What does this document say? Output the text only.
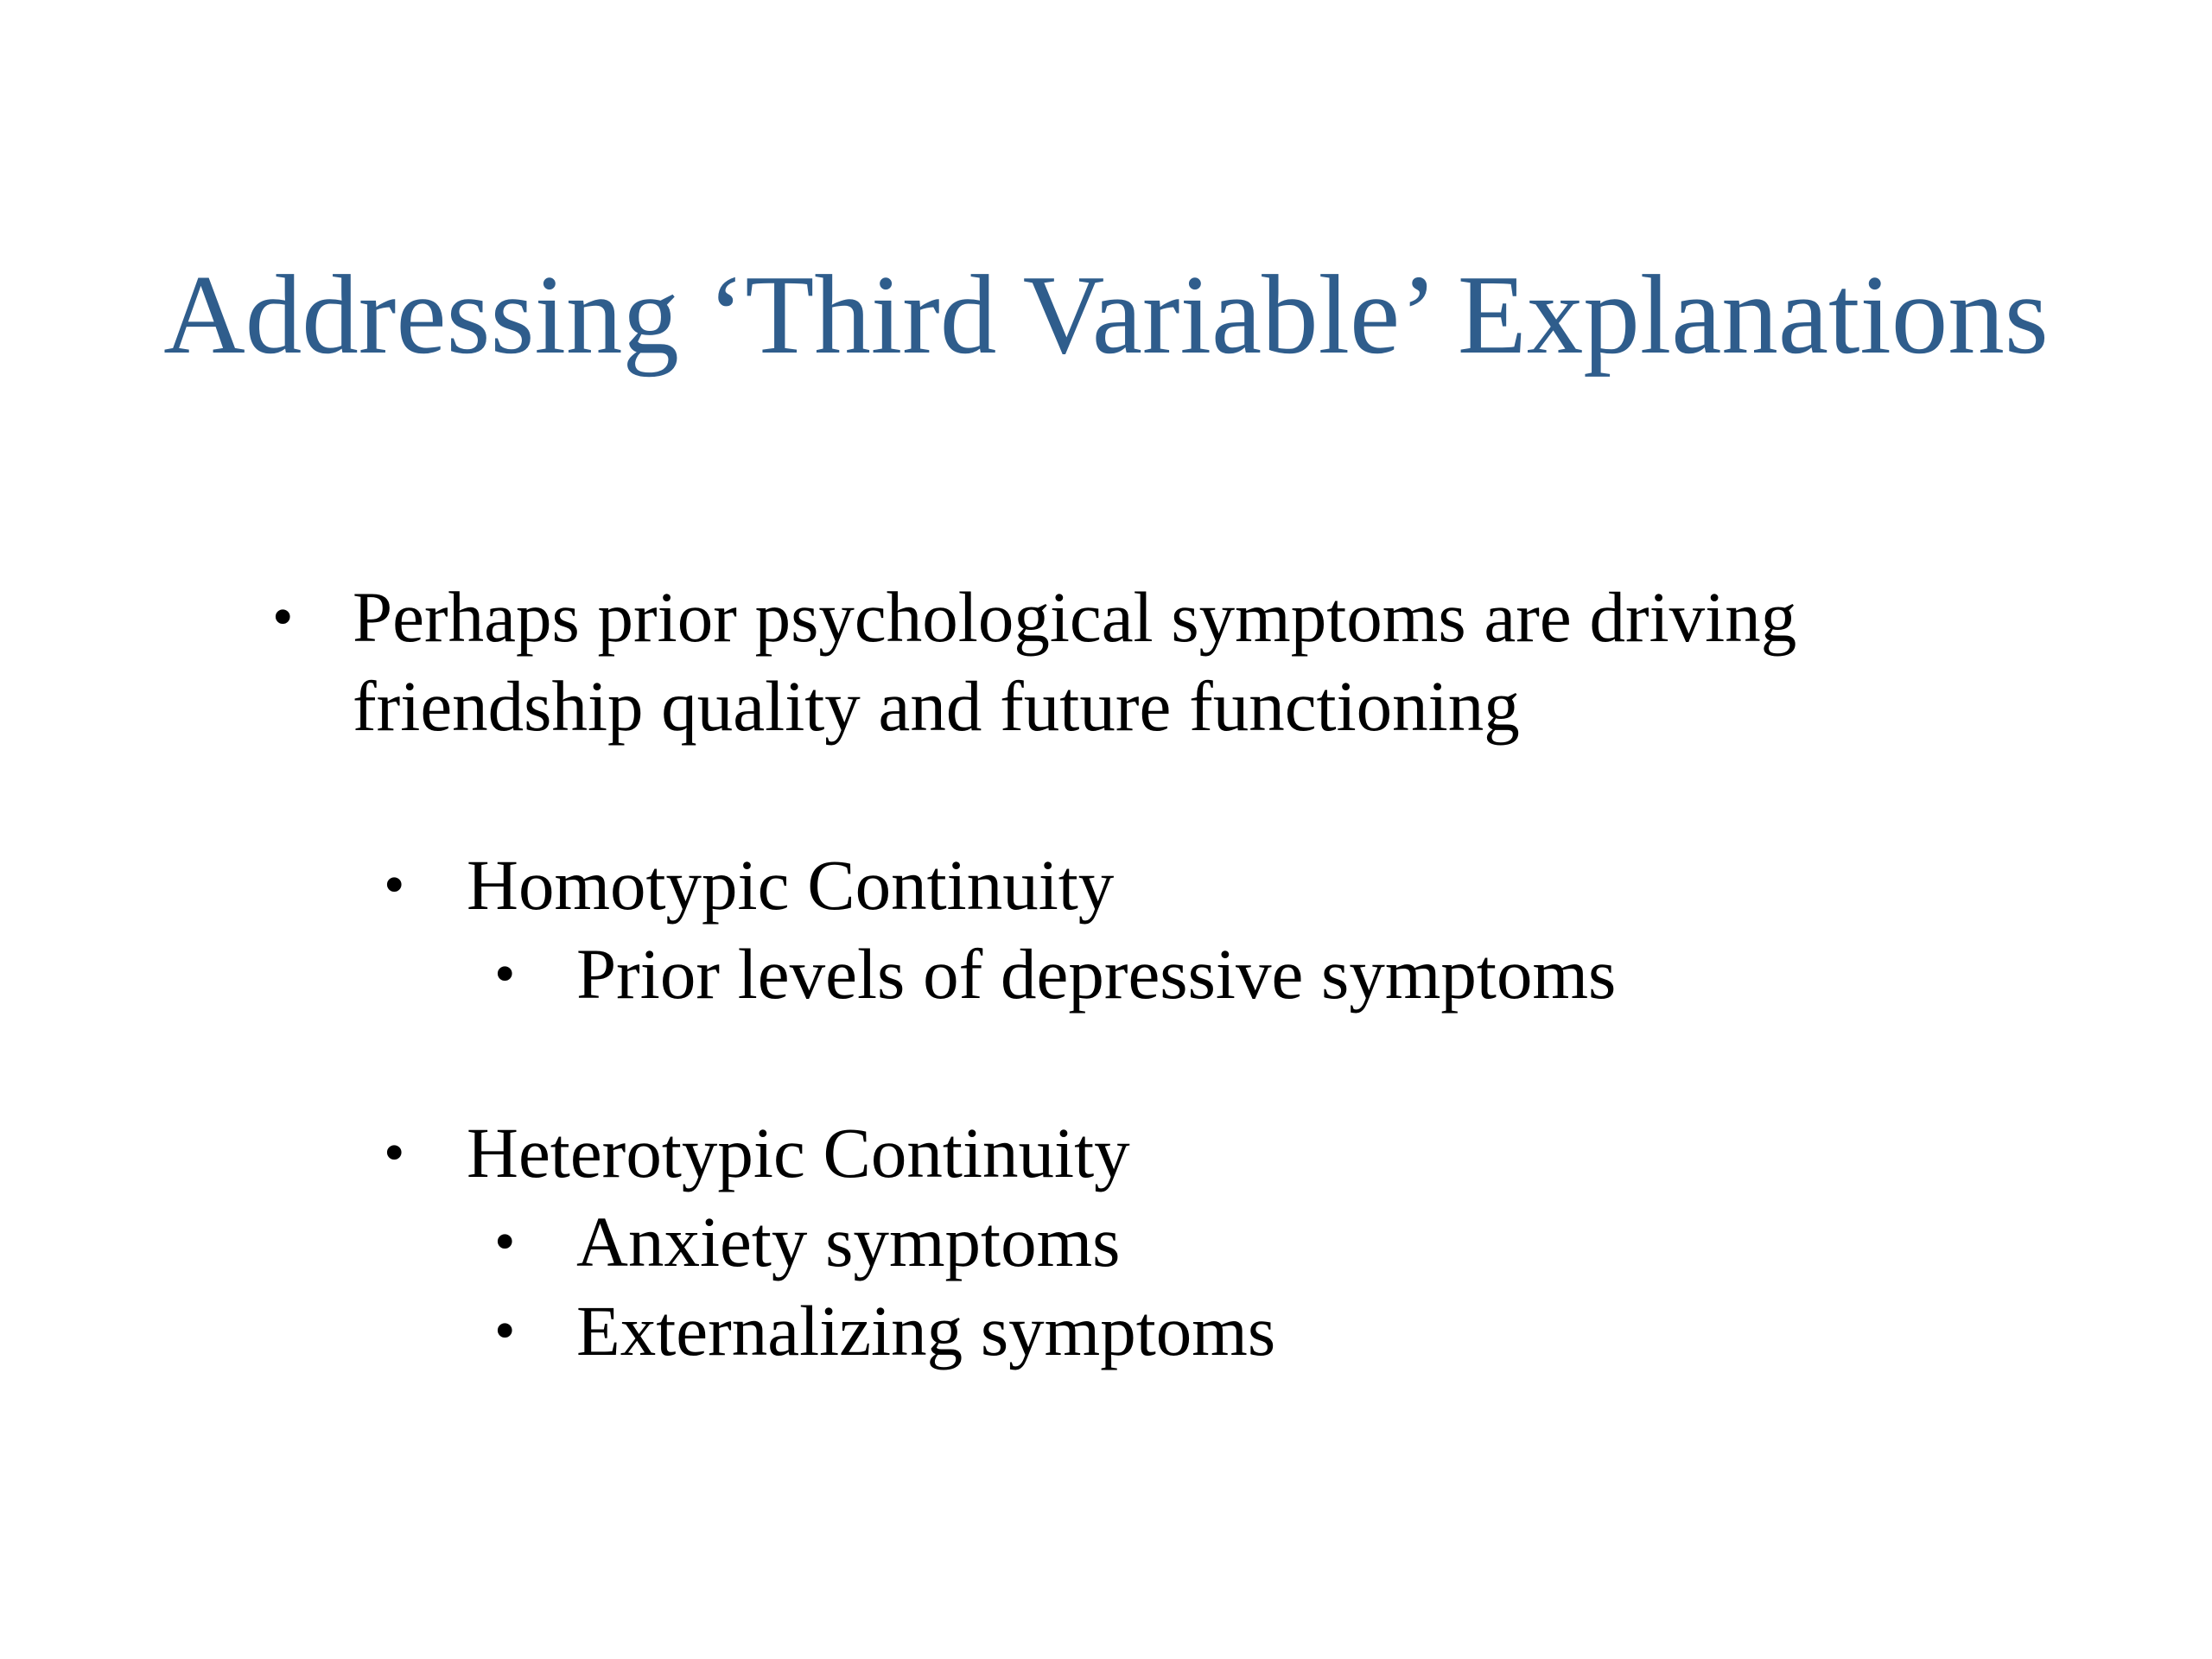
Addressing ‘Third Variable’ Explanations
• Perhaps prior psychological symptoms are driving
friendship quality and future functioning
• Homotypic Continuity
• Prior levels of depressive symptoms
• Heterotypic Continuity
• Anxiety symptoms
• Externalizing symptoms
